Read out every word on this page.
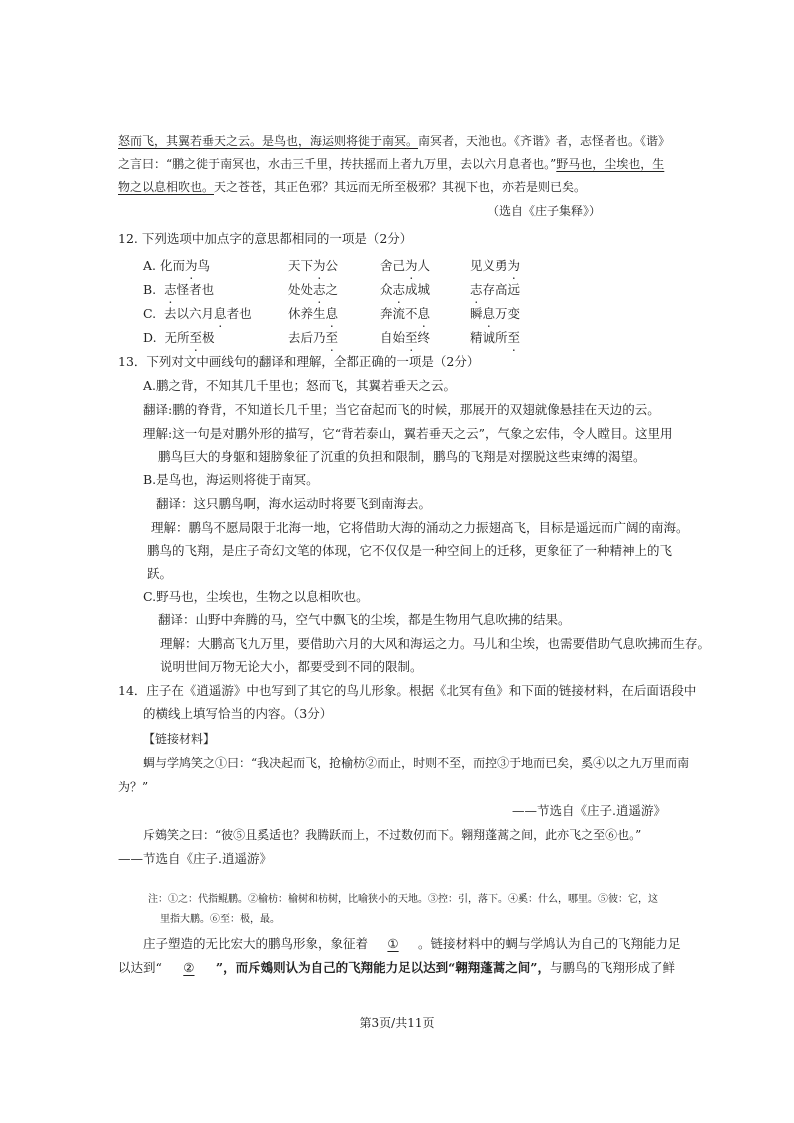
怒而飞，其翼若垂天之云。是鸟也，海运则将徙于南冥。南冥者，天池也。《齐谐》者，志怪者也。《谐》
之言曰：“鹏之徙于南冥也，水击三千里，抟扶摇而上者九万里，去以六月息者也。”野马也，尘埃也，生
物之以息相吹也。天之苍苍，其正色邪？其远而无所至极邪？其视下也，亦若是则已矣。
（选自《庄子集释》）
12. 下列选项中加点字的意思都相同的一项是（2分）
A. 化而为鸟	天下为公	舍己为人	见义勇为
B.  志怪者也	处处志之	众志成城	志存高远
C.  去以六月息者也	休养生息	奔流不息	瞬息万变
D.  无所至极	去后乃至	自始至终	精诚所至
13．下列对文中画线句的翻译和理解，全都正确的一项是（2分）
A.鹏之背，不知其几千里也；怒而飞，其翼若垂天之云。
翻译:鹏的脊背，不知道长几千里；当它奋起而飞的时候，那展开的双翅就像悬挂在天边的云。
理解:这一句是对鹏外形的描写，它“背若泰山，翼若垂天之云”，气象之宏伟，令人瞠目。这里用
鹏鸟巨大的身躯和翅膀象征了沉重的负担和限制，鹏鸟的飞翔是对摆脱这些束缚的渴望。
B.是鸟也，海运则将徙于南冥。
翻译：这只鹏鸟啊，海水运动时将要飞到南海去。
理解：鹏鸟不愿局限于北海一地，它将借助大海的涌动之力振翅高飞，目标是遥远而广阔的南海。
鹏鸟的飞翔，是庄子奇幻文笔的体现，它不仅仅是一种空间上的迁移，更象征了一种精神上的飞
跃。
C.野马也，尘埃也，生物之以息相吹也。
翻译：山野中奔腾的马，空气中飘飞的尘埃，都是生物用气息吹拂的结果。
理解：大鹏高飞九万里，要借助六月的大风和海运之力。马儿和尘埃，也需要借助气息吹拂而生存。
说明世间万物无论大小，都要受到不同的限制。
14．庄子在《逍遥游》中也写到了其它的鸟儿形象。根据《北冥有鱼》和下面的链接材料，在后面语段中
的横线上填写恰当的内容。（3分）
【链接材料】
蜩与学鸠笑之①曰：“我决起而飞，抢榆枋②而止，时则不至，而控③于地而已矣，奚④以之九万里而南
为？”
——节选自《庄子.逍遥游》
斥鴳笑之曰：“彼⑤且奚适也？我腾跃而上，不过数仞而下。翱翔蓬蒿之间，此亦飞之至⑥也。”
——节选自《庄子.逍遥游》
注：①之：代指鲲鹏。②榆枋：榆树和枋树，比喻狭小的天地。③控：引，落下。④奚：什么，哪里。⑤彼：它，这
里指大鹏。⑥至：极，最。
庄子塑造的无比宏大的鹏鸟形象，象征着 ① 。链接材料中的蜩与学鸠认为自己的飞翔能力足
以达到“ ② ”，而斥鴳则认为自己的飞翔能力足以达到“翱翔蓬蒿之间”，与鹏鸟的飞翔形成了鲜
第3页/共11页
